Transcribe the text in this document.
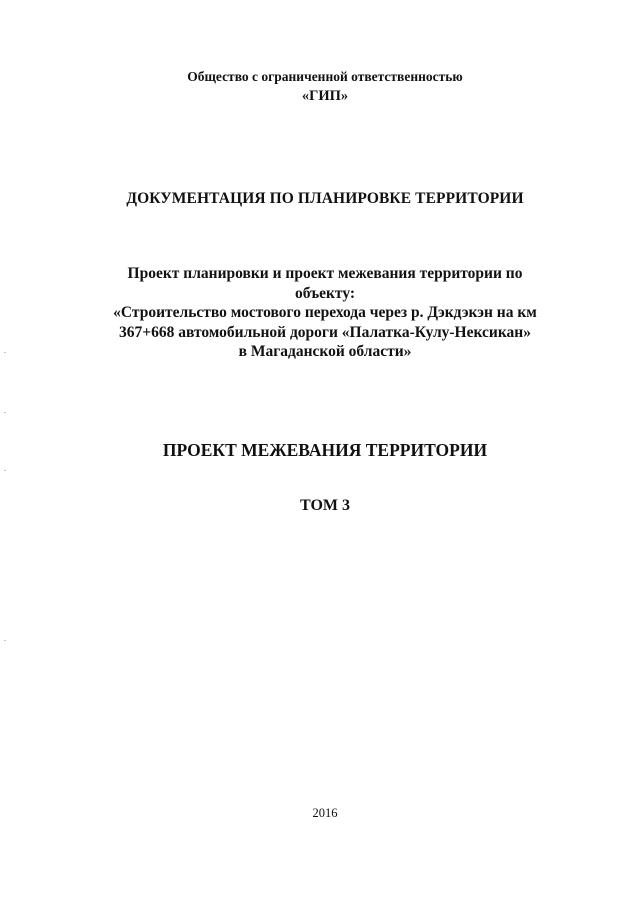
Общество с ограниченной ответственностью
«ГИП»
ДОКУМЕНТАЦИЯ ПО ПЛАНИРОВКЕ ТЕРРИТОРИИ
Проект планировки и проект межевания территории по
объекту:
«Строительство мостового перехода через р. Дэкдэкэн на км
367+668 автомобильной дороги «Палатка-Кулу-Нексикан»
в Магаданской области»
ПРОЕКТ МЕЖЕВАНИЯ ТЕРРИТОРИИ
ТОМ 3
2016
